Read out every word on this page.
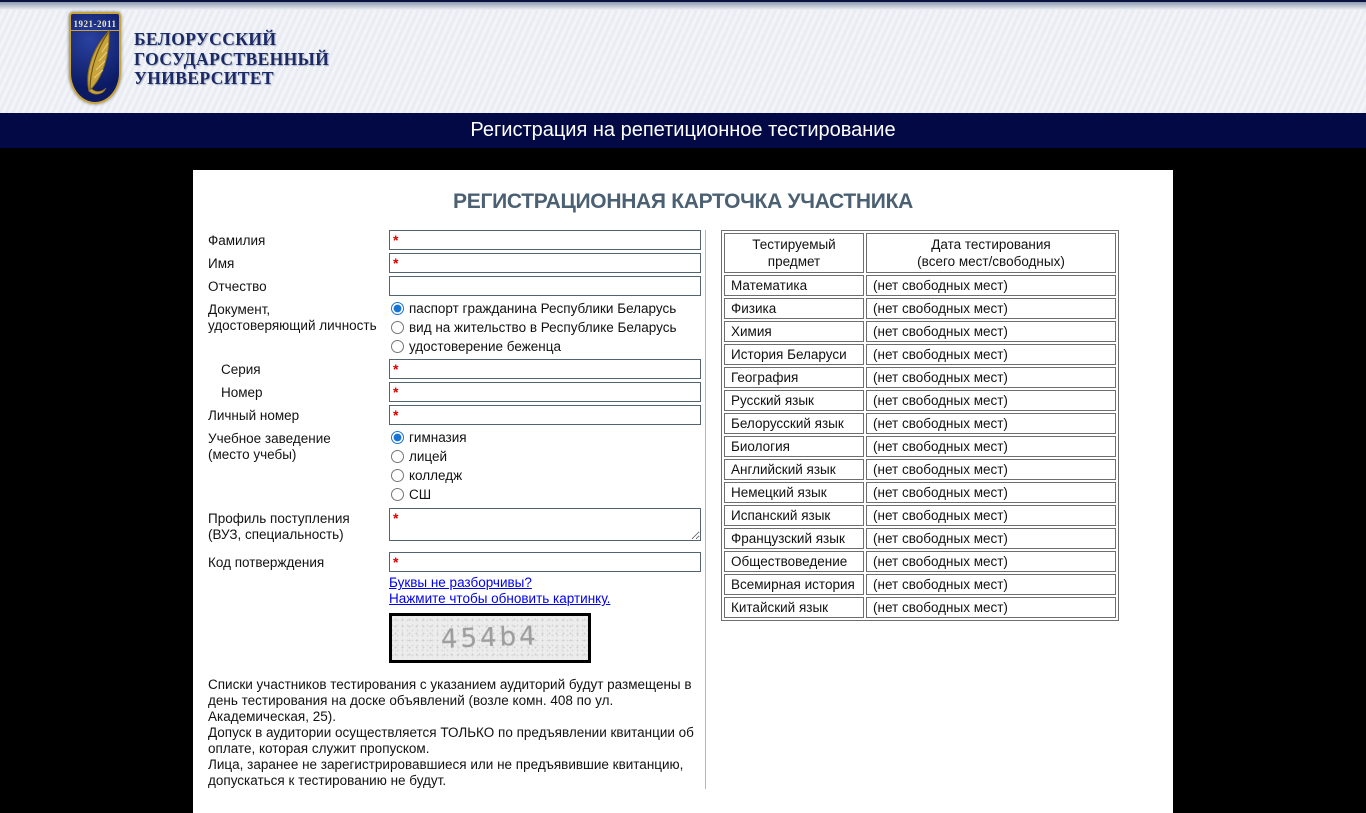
1921-2011
БЕЛОРУССКИЙ
ГОСУДАРСТВЕННЫЙ
УНИВЕРСИТЕТ
Регистрация на репетиционное тестирование
РЕГИСТРАЦИОННАЯ КАРТОЧКА УЧАСТНИКА
Фамилия	*
Имя	*
Отчество
Документ,
удостоверяющий личность
паспорт гражданина Республики Беларусь
вид на жительство в Республике Беларусь
удостоверение беженца
Серия	*
Номер	*
Личный номер	*
Учебное заведение
(место учебы)
гимназия
лицей
колледж
СШ
Профиль поступления
(ВУЗ, специальность)
*
Код потверждения	*
Буквы не разборчивы?
Нажмите чтобы обновить картинку.
454b4
Списки участников тестирования с указанием аудиторий будут размещены в день тестирования на доске объявлений (возле комн. 408 по ул. Академическая, 25).
Допуск в аудитории осуществляется ТОЛЬКО по предъявлении квитанции об оплате, которая служит пропуском.
Лица, заранее не зарегистрировавшиеся или не предъявившие квитанцию, допускаться к тестированию не будут.
Тестируемый
предмет

Дата тестирования
(всего мест/свободных)

Математика	(нет свободных мест)
Физика	(нет свободных мест)
Химия	(нет свободных мест)
История Беларуси	(нет свободных мест)
География	(нет свободных мест)
Русский язык	(нет свободных мест)
Белорусский язык	(нет свободных мест)
Биология	(нет свободных мест)
Английский язык	(нет свободных мест)
Немецкий язык	(нет свободных мест)
Испанский язык	(нет свободных мест)
Французский язык	(нет свободных мест)
Обществоведение	(нет свободных мест)
Всемирная история	(нет свободных мест)
Китайский язык	(нет свободных мест)
